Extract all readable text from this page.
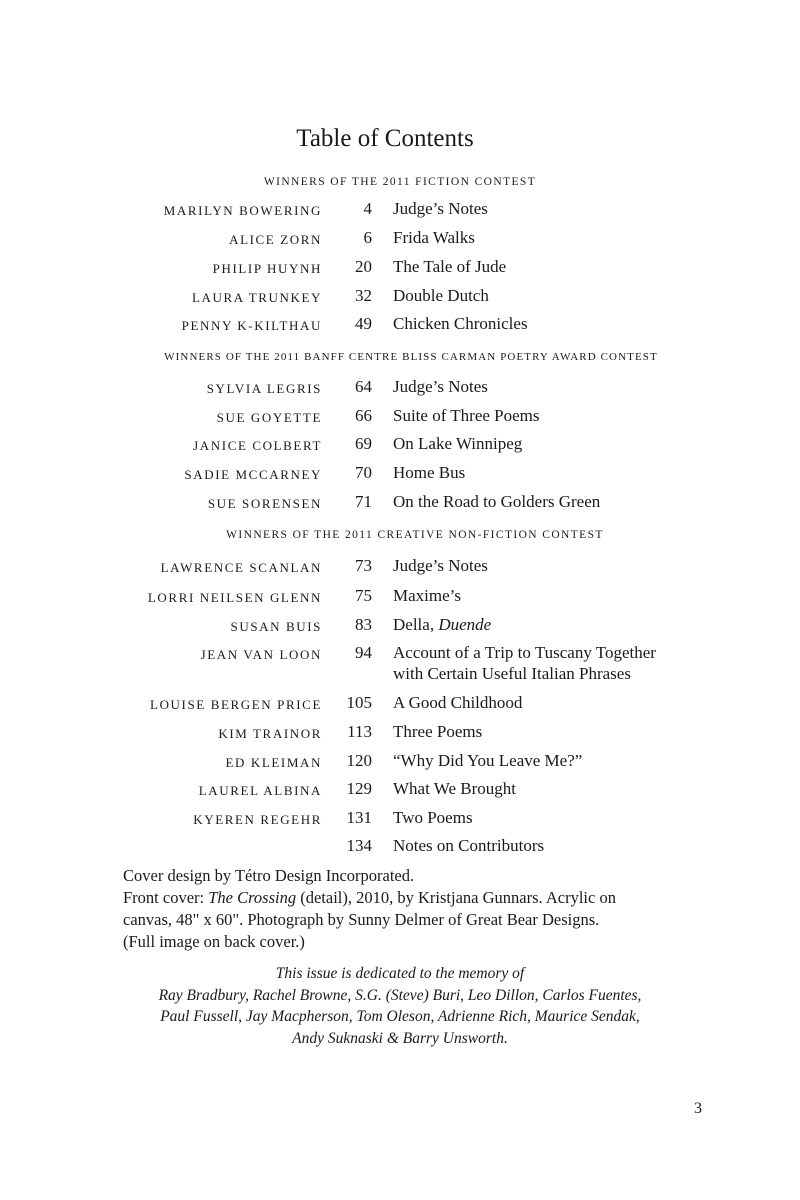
Table of Contents
WINNERS OF THE 2011 FICTION CONTEST
MARILYN BOWERING 4 Judge’s Notes
ALICE ZORN 6 Frida Walks
PHILIP HUYNH 20 The Tale of Jude
LAURA TRUNKEY 32 Double Dutch
PENNY K-KILTHAU 49 Chicken Chronicles
WINNERS OF THE 2011 BANFF CENTRE BLISS CARMAN POETRY AWARD CONTEST
SYLVIA LEGRIS 64 Judge’s Notes
SUE GOYETTE 66 Suite of Three Poems
JANICE COLBERT 69 On Lake Winnipeg
SADIE MCCARNEY 70 Home Bus
SUE SORENSEN 71 On the Road to Golders Green
WINNERS OF THE 2011 CREATIVE NON-FICTION CONTEST
LAWRENCE SCANLAN 73 Judge’s Notes
LORRI NEILSEN GLENN 75 Maxime’s
SUSAN BUIS 83 Della, Duende
JEAN VAN LOON 94 Account of a Trip to Tuscany Together
with Certain Useful Italian Phrases
LOUISE BERGEN PRICE 105 A Good Childhood
KIM TRAINOR 113 Three Poems
ED KLEIMAN 120 “Why Did You Leave Me?”
LAUREL ALBINA 129 What We Brought
KYEREN REGEHR 131 Two Poems
134 Notes on Contributors

Cover design by Tétro Design Incorporated.

Front cover: The Crossing (detail), 2010, by Kristjana Gunnars. Acrylic on

canvas, 48" x 60". Photograph by Sunny Delmer of Great Bear Designs.

(Full image on back cover.)

This issue is dedicated to the memory of

Ray Bradbury, Rachel Browne, S.G. (Steve) Buri, Leo Dillon, Carlos Fuentes,

Paul Fussell, Jay Macpherson, Tom Oleson, Adrienne Rich, Maurice Sendak,

Andy Suknaski & Barry Unsworth.

3
